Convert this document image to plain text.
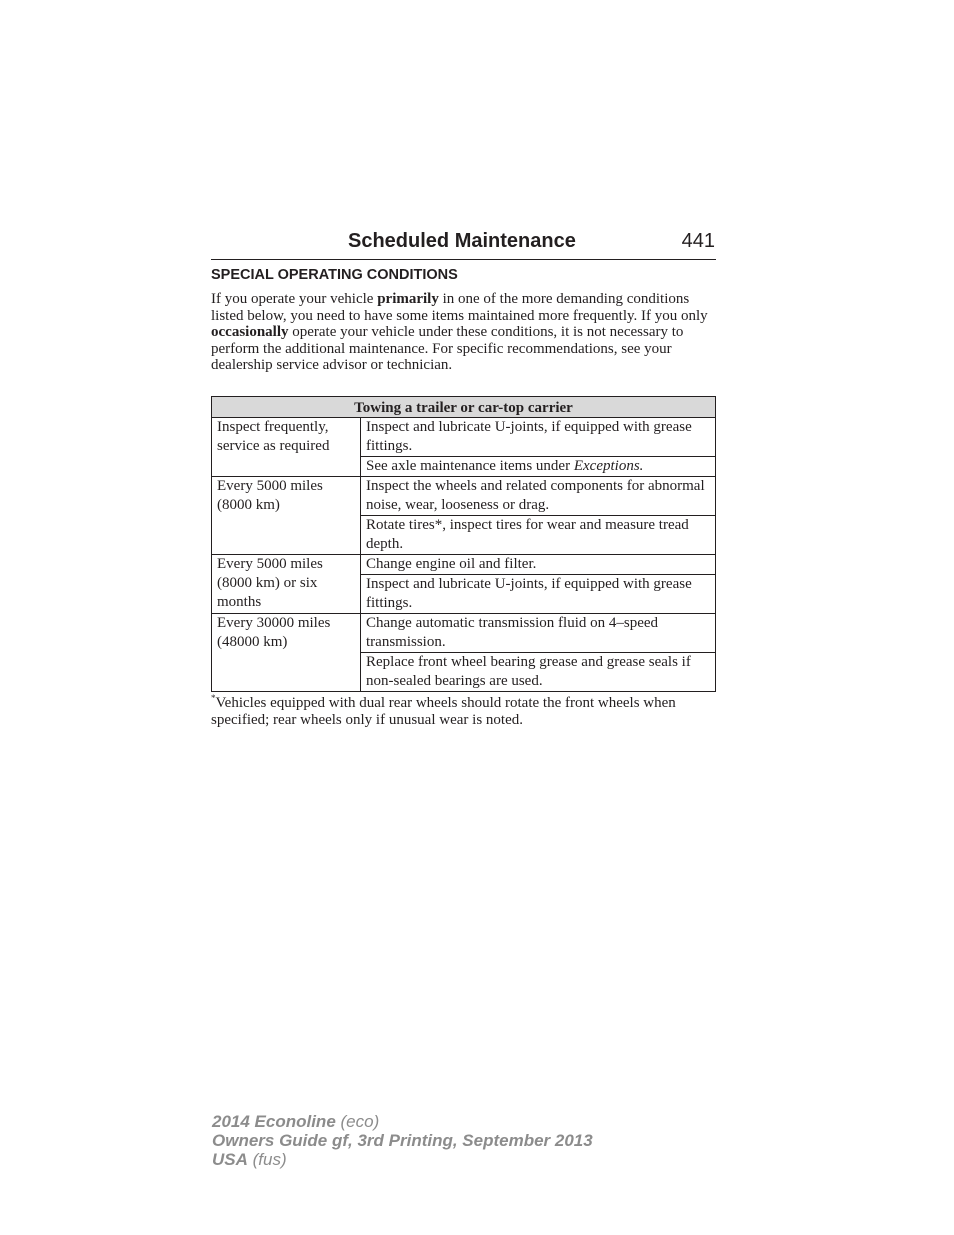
Scheduled Maintenance	441
SPECIAL OPERATING CONDITIONS

If you operate your vehicle primarily in one of the more demanding conditions listed below, you need to have some items maintained more frequently. If you only occasionally operate your vehicle under these conditions, it is not necessary to perform the additional maintenance. For specific recommendations, see your dealership service advisor or technician.

Towing a trailer or car-top carrier	
Inspect frequently, service as required	Inspect and lubricate U-joints, if equipped with grease fittings.
	See axle maintenance items under Exceptions.
Every 5000 miles (8000 km)	Inspect the wheels and related components for abnormal noise, wear, looseness or drag.
	Rotate tires*, inspect tires for wear and measure tread depth.
Every 5000 miles (8000 km) or six months	Change engine oil and filter.
	Inspect and lubricate U-joints, if equipped with grease fittings.
Every 30000 miles (48000 km)	Change automatic transmission fluid on 4–speed transmission.
	Replace front wheel bearing grease and grease seals if non-sealed bearings are used.

*Vehicles equipped with dual rear wheels should rotate the front wheels when specified; rear wheels only if unusual wear is noted.

2014 Econoline (eco)
Owners Guide gf, 3rd Printing, September 2013
USA (fus)
